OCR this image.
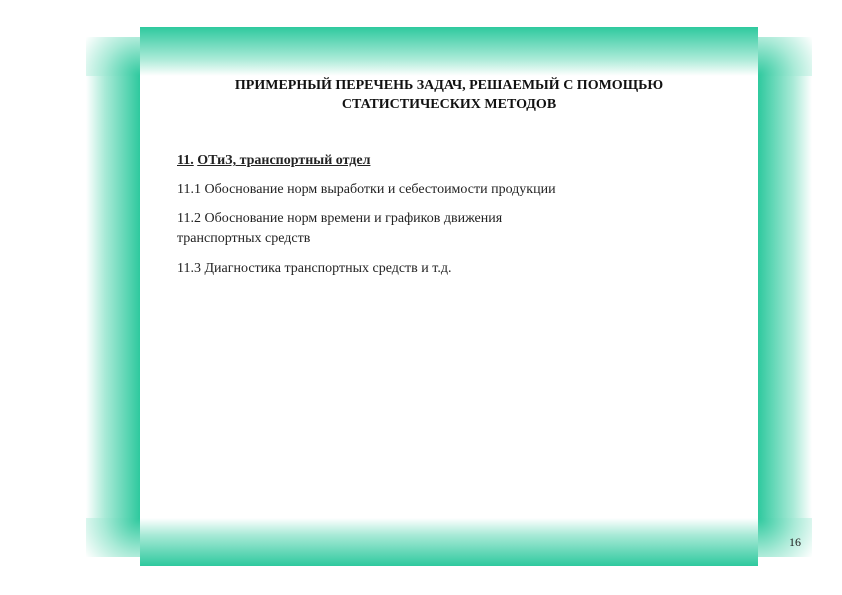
ПРИМЕРНЫЙ ПЕРЕЧЕНЬ ЗАДАЧ, РЕШАЕМЫЙ С ПОМОЩЬЮ
СТАТИСТИЧЕСКИХ МЕТОДОВ
11. ОТиЗ, транспортный отдел
11.1 Обоснование норм выработки и себестоимости продукции
11.2 Обоснование норм времени и графиков движения транспортных средств
11.3 Диагностика транспортных средств и т.д.
16
